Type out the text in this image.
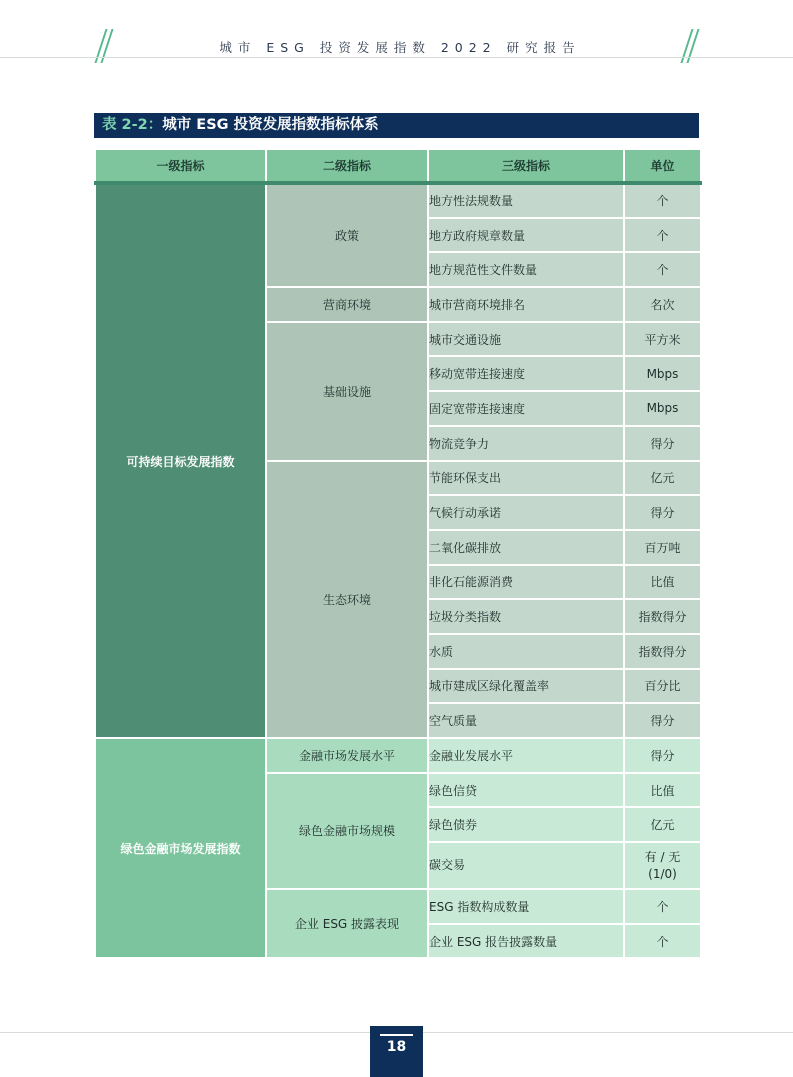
城市 ESG 投资发展指数 2022 研究报告
表 2-2：城市 ESG 投资发展指数指标体系
一级指标	二级指标	三级指标	单位
可持续目标发展指数	政策	地方性法规数量	个
		地方政府规章数量	个
		地方规范性文件数量	个
	营商环境	城市营商环境排名	名次
	基础设施	城市交通设施	平方米
		移动宽带连接速度	Mbps
		固定宽带连接速度	Mbps
		物流竞争力	得分
	生态环境	节能环保支出	亿元
		气候行动承诺	得分
		二氧化碳排放	百万吨
		非化石能源消费	比值
		垃圾分类指数	指数得分
		水质	指数得分
		城市建成区绿化覆盖率	百分比
		空气质量	得分
绿色金融市场发展指数	金融市场发展水平	金融业发展水平	得分
	绿色金融市场规模	绿色信贷	比值
		绿色债券	亿元
		碳交易	有 / 无
(1/0)
	企业 ESG 披露表现	ESG 指数构成数量	个
		企业 ESG 报告披露数量	个
18
